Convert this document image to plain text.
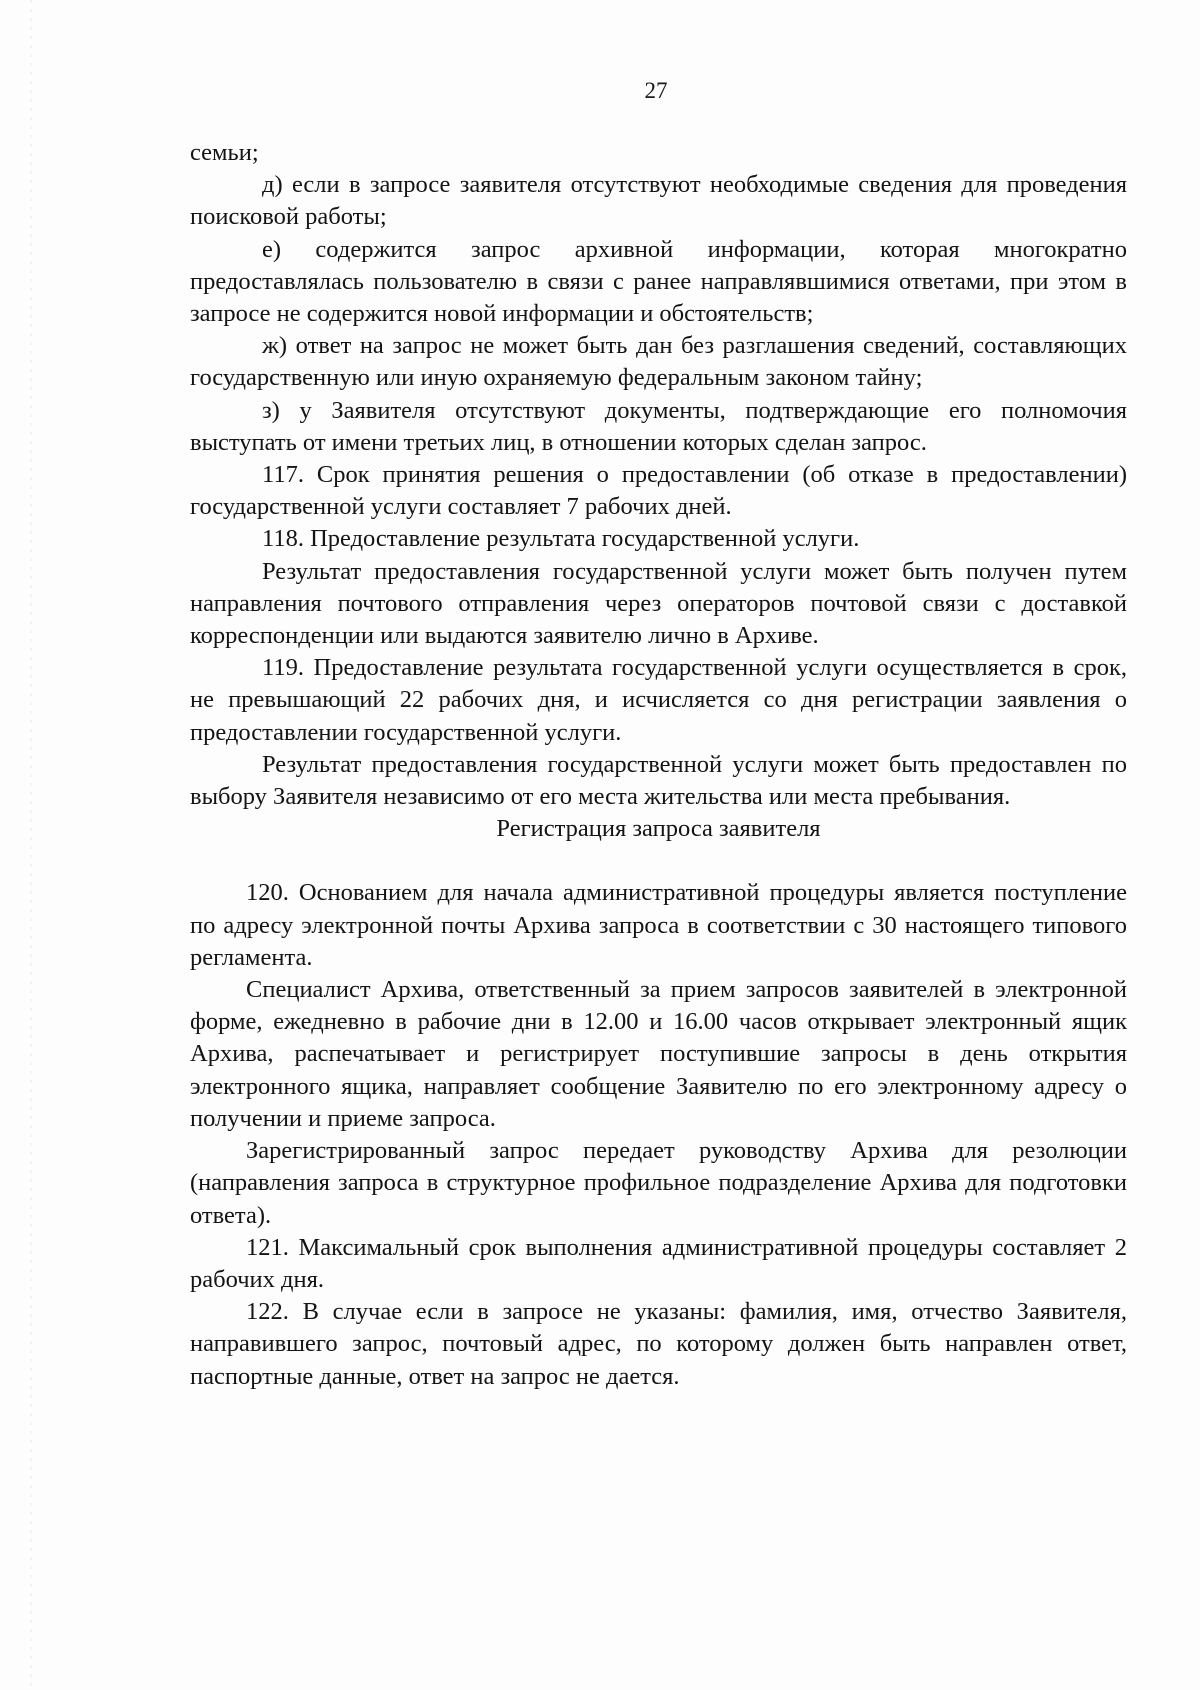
27

семьи;

д) если в запросе заявителя отсутствуют необходимые сведения для проведения поисковой работы;

е) содержится запрос архивной информации, которая многократно предоставлялась пользователю в связи с ранее направлявшимися ответами, при этом в запросе не содержится новой информации и обстоятельств;

ж) ответ на запрос не может быть дан без разглашения сведений, составляющих государственную или иную охраняемую федеральным законом тайну;

з) у Заявителя отсутствуют документы, подтверждающие его полномочия выступать от имени третьих лиц, в отношении которых сделан запрос.

117. Срок принятия решения о предоставлении (об отказе в предоставлении) государственной услуги составляет 7 рабочих дней.

118. Предоставление результата государственной услуги.

Результат предоставления государственной услуги может быть получен путем направления почтового отправления через операторов почтовой связи с доставкой корреспонденции или выдаются заявителю лично в Архиве.

119. Предоставление результата государственной услуги осуществляется в срок, не превышающий 22 рабочих дня, и исчисляется со дня регистрации заявления о предоставлении государственной услуги.

Результат предоставления государственной услуги может быть предоставлен по выбору Заявителя независимо от его места жительства или места пребывания.

Регистрация запроса заявителя

120. Основанием для начала административной процедуры является поступление по адресу электронной почты Архива запроса в соответствии с 30 настоящего типового регламента.

Специалист Архива, ответственный за прием запросов заявителей в электронной форме, ежедневно в рабочие дни в 12.00 и 16.00 часов открывает электронный ящик Архива, распечатывает и регистрирует поступившие запросы в день открытия электронного ящика, направляет сообщение Заявителю по его электронному адресу о получении и приеме запроса.

Зарегистрированный запрос передает руководству Архива для резолюции (направления запроса в структурное профильное подразделение Архива для подготовки ответа).

121. Максимальный срок выполнения административной процедуры составляет 2 рабочих дня.

122. В случае если в запросе не указаны: фамилия, имя, отчество Заявителя, направившего запрос, почтовый адрес, по которому должен быть направлен ответ, паспортные данные, ответ на запрос не дается.
